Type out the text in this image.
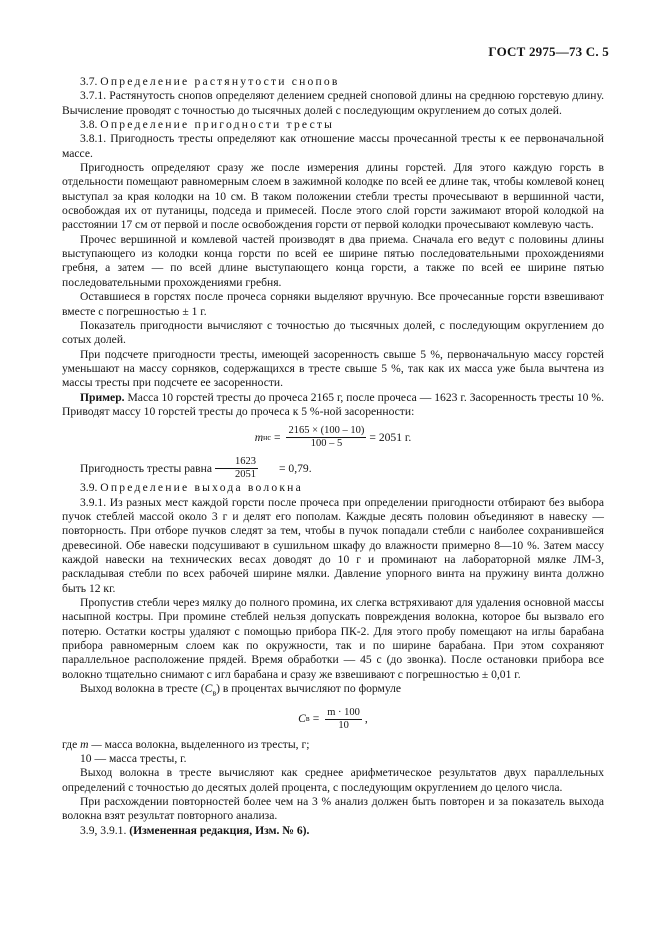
ГОСТ 2975—73 С. 5

3.7. Определение растянутости снопов

3.7.1. Растянутость снопов определяют делением средней сноповой длины на среднюю горстевую длину. Вычисление проводят с точностью до тысячных долей с последующим округлением до сотых долей.

3.8. Определение пригодности тресты

3.8.1. Пригодность тресты определяют как отношение массы прочесанной тресты к ее первоначальной массе.

Пригодность определяют сразу же после измерения длины горстей. Для этого каждую горсть в отдельности помещают равномерным слоем в зажимной колодке по всей ее длине так, чтобы комлевой конец выступал за края колодки на 10 см. В таком положении стебли тресты прочесывают в вершинной части, освобождая их от путаницы, подседа и примесей. После этого слой горсти зажимают второй колодкой на расстоянии 17 см от первой и после освобождения горсти от первой колодки прочесывают комлевую часть.

Прочес вершинной и комлевой частей производят в два приема. Сначала его ведут с половины длины выступающего из колодки конца горсти по всей ее ширине пятью последовательными прохождениями гребня, а затем — по всей длине выступающего конца горсти, а также по всей ее ширине пятью последовательными прохождениями гребня.

Оставшиеся в горстях после прочеса сорняки выделяют вручную. Все прочесанные горсти взвешивают вместе с погрешностью ± 1 г.

Показатель пригодности вычисляют с точностью до тысячных долей, с последующим округлением до сотых долей.

При подсчете пригодности тресты, имеющей засоренность свыше 5 %, первоначальную массу горстей уменьшают на массу сорняков, содержащихся в тресте свыше 5 %, так как их масса уже была вычтена из массы тресты при подсчете ее засоренности.

Пример. Масса 10 горстей тресты до прочеса 2165 г, после прочеса — 1623 г. Засоренность тресты 10 %. Приводят массу 10 горстей тресты до прочеса к 5 %-ной засоренности:

m нс = $\frac{2165 \times (100 - 10)}{100 - 5} = 2051$ г.

Пригодность тресты равна $\frac{1623}{2051}$	= 0,79.

3.9. Определение выхода волокна

3.9.1. Из разных мест каждой горсти после прочеса при определении пригодности отбирают без выбора пучок стеблей массой около 3 г и делят его пополам. Каждые десять половин объединяют в навеску — повторность. При отборе пучков следят за тем, чтобы в пучок попадали стебли с наиболее сохранившейся древесиной. Обе навески подсушивают в сушильном шкафу до влажности примерно 8—10 %. Затем массу каждой навески на технических весах доводят до 10 г и проминают на лабораторной мялке ЛМ-3, раскладывая стебли по всех рабочей ширине мялки. Давление упорного винта на пружину винта должно быть 12 кг.

Пропустив стебли через мялку до полного промина, их слегка встряхивают для удаления основной массы насыпной костры. При промине стеблей нельзя допускать повреждения волокна, которое бы вызвало его потерю. Остатки костры удаляют с помощью прибора ПК-2. Для этого пробу помещают на иглы барабана прибора равномерным слоем как по окружности, так и по ширине барабана. При этом сохраняют параллельное расположение прядей. Время обработки — 45 с (до звонка). После остановки прибора все волокно тщательно снимают с игл барабана и сразу же взвешивают с погрешностью ± 0,01 г.

Выход волокна в тресте $(C_в)$ в процентах вычисляют по формуле

C $в = \frac{m \cdot 100}{10}$ ,

где m — масса волокна, выделенного из тресты, г;

10 — масса тресты, г.

Выход волокна в тресте вычисляют как среднее арифметическое результатов двух параллельных определений с точностью до десятых долей процента, с последующим округлением до целого числа.

При расхождении повторностей более чем на 3 % анализ должен быть повторен и за показатель выхода волокна взят результат повторного анализа.

3.9, 3.9.1. (Измененная редакция, Изм. № 6).
